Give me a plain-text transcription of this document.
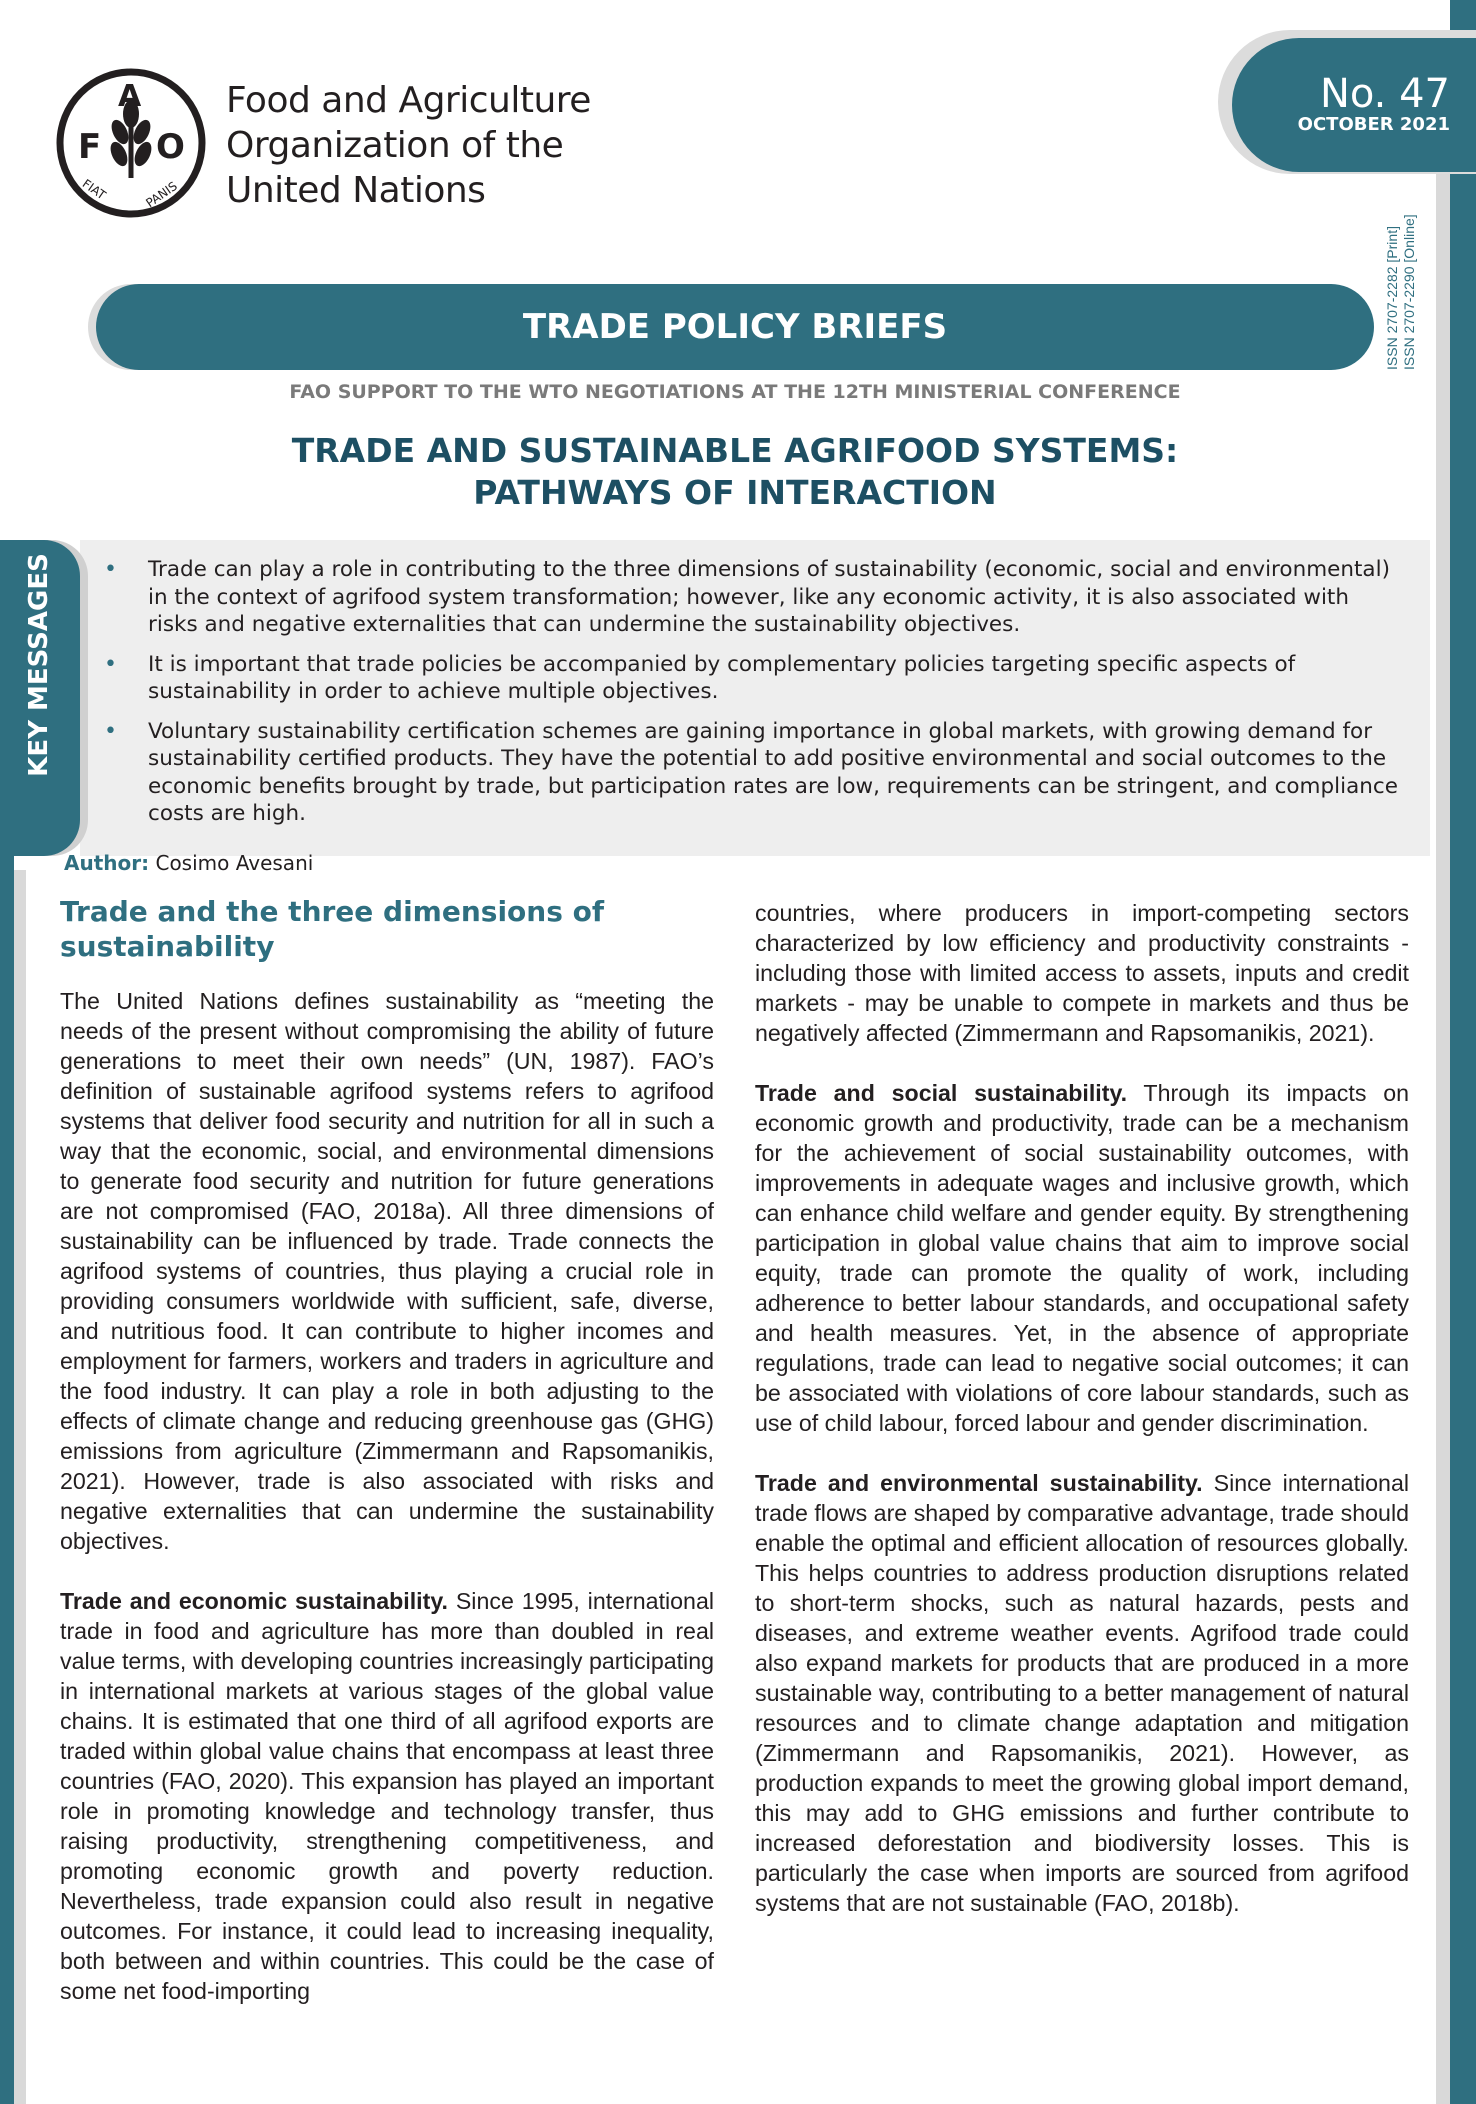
F
A
O
FIAT	PANIS
Food and Agriculture
Organization of the
United Nations
No. 47
OCTOBER 2021
ISSN 2707-2282 [Print] ISSN 2707-2290 [Online]
TRADE POLICY BRIEFS
FAO SUPPORT TO THE WTO NEGOTIATIONS AT THE 12TH MINISTERIAL CONFERENCE
TRADE AND SUSTAINABLE AGRIFOOD SYSTEMS:
PATHWAYS OF INTERACTION
KEY MESSAGES • Trade can play a role in contributing to the three dimensions of sustainability (economic, social and environmental) in the context of agrifood system transformation; however, like any economic activity, it is also associated with risks and negative externalities that can undermine the sustainability objectives.
• It is important that trade policies be accompanied by complementary policies targeting specific aspects of sustainability in order to achieve multiple objectives.
• Voluntary sustainability certification schemes are gaining importance in global markets, with growing demand for sustainability certified products. They have the potential to add positive environmental and social outcomes to the economic benefits brought by trade, but participation rates are low, requirements can be stringent, and compliance costs are high.
Author: Cosimo Avesani
Trade and the three dimensions of sustainability

The United Nations defines sustainability as “meeting the needs of the present without compromising the ability of future generations to meet their own needs” (UN, 1987). FAO’s definition of sustainable agrifood systems refers to agrifood systems that deliver food security and nutrition for all in such a way that the economic, social, and environmental dimensions to generate food security and nutrition for future generations are not compromised (FAO, 2018a). All three dimensions of sustainability can be influenced by trade. Trade connects the agrifood systems of countries, thus playing a crucial role in providing consumers worldwide with sufficient, safe, diverse, and nutritious food. It can contribute to higher incomes and employment for farmers, workers and traders in agriculture and the food industry. It can play a role in both adjusting to the effects of climate change and reducing greenhouse gas (GHG) emissions from agriculture (Zimmermann and Rapsomanikis, 2021). However, trade is also associated with risks and negative externalities that can undermine the sustainability objectives.

Trade and economic sustainability. Since 1995, international trade in food and agriculture has more than doubled in real value terms, with developing countries increasingly participating in international markets at various stages of the global value chains. It is estimated that one third of all agrifood exports are traded within global value chains that encompass at least three countries (FAO, 2020). This expansion has played an important role in promoting knowledge and technology transfer, thus raising productivity, strengthening competitiveness, and promoting economic growth and poverty reduction. Nevertheless, trade expansion could also result in negative outcomes. For instance, it could lead to increasing inequality, both between and within countries. This could be the case of some net food-importing

countries, where producers in import-competing sectors characterized by low efficiency and productivity constraints - including those with limited access to assets, inputs and credit markets - may be unable to compete in markets and thus be negatively affected (Zimmermann and Rapsomanikis, 2021).

Trade and social sustainability. Through its impacts on economic growth and productivity, trade can be a mechanism for the achievement of social sustainability outcomes, with improvements in adequate wages and inclusive growth, which can enhance child welfare and gender equity. By strengthening participation in global value chains that aim to improve social equity, trade can promote the quality of work, including adherence to better labour standards, and occupational safety and health measures. Yet, in the absence of appropriate regulations, trade can lead to negative social outcomes; it can be associated with violations of core labour standards, such as use of child labour, forced labour and gender discrimination.

Trade and environmental sustainability. Since international trade flows are shaped by comparative advantage, trade should enable the optimal and efficient allocation of resources globally. This helps countries to address production disruptions related to short-term shocks, such as natural hazards, pests and diseases, and extreme weather events. Agrifood trade could also expand markets for products that are produced in a more sustainable way, contributing to a better management of natural resources and to climate change adaptation and mitigation (Zimmermann and Rapsomanikis, 2021). However, as production expands to meet the growing global import demand, this may add to GHG emissions and further contribute to increased deforestation and biodiversity losses. This is particularly the case when imports are sourced from agrifood systems that are not sustainable (FAO, 2018b).
